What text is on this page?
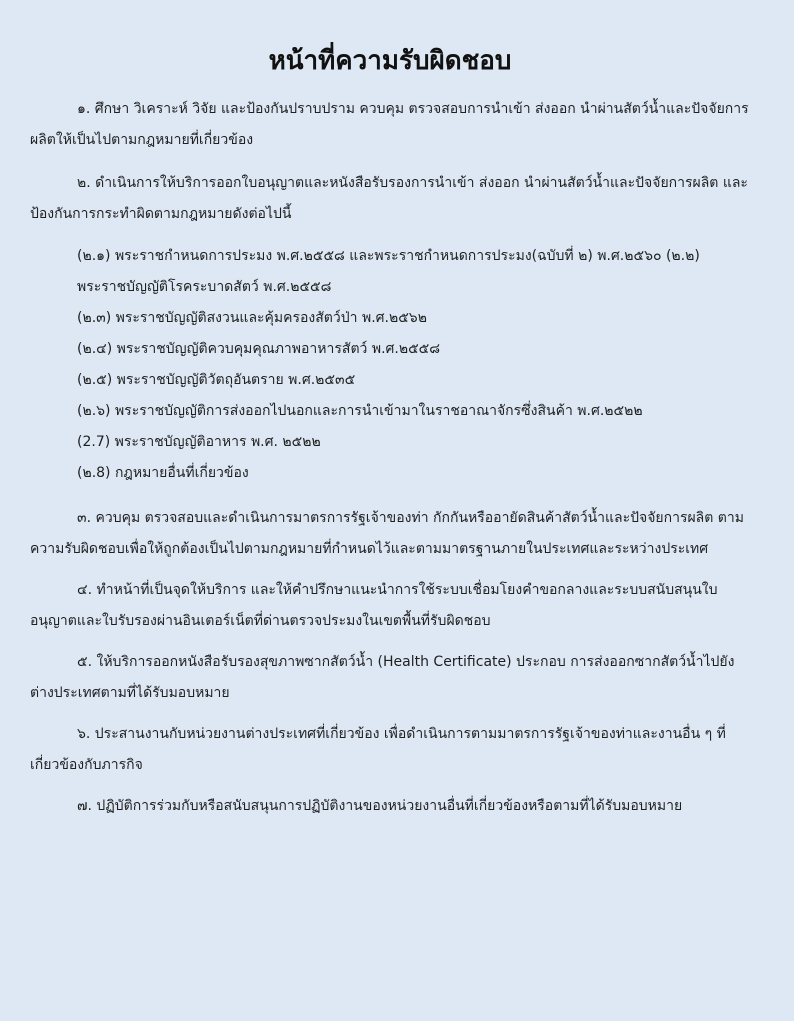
หน้าที่ความรับผิดชอบ

๑. ศึกษา วิเคราะห์ วิจัย และป้องกันปราบปราม ควบคุม ตรวจสอบการนำเข้า ส่งออก นำผ่านสัตว์น้ำและปัจจัยการผลิตให้เป็นไปตามกฎหมายที่เกี่ยวข้อง

๒. ดำเนินการให้บริการออกใบอนุญาตและหนังสือรับรองการนำเข้า ส่งออก นำผ่านสัตว์น้ำและปัจจัยการผลิต และป้องกันการกระทำผิดตามกฎหมายดังต่อไปนี้

(๒.๑) พระราชกำหนดการประมง พ.ศ.๒๕๕๘ และพระราชกำหนดการประมง(ฉบับที่ ๒) พ.ศ.๒๕๖๐ (๒.๒)

พระราชบัญญัติโรคระบาดสัตว์ พ.ศ.๒๕๕๘

(๒.๓) พระราชบัญญัติสงวนและคุ้มครองสัตว์ป่า พ.ศ.๒๕๖๒

(๒.๔) พระราชบัญญัติควบคุมคุณภาพอาหารสัตว์ พ.ศ.๒๕๕๘

(๒.๕) พระราชบัญญัติวัตถุอันตราย พ.ศ.๒๕๓๕

(๒.๖) พระราชบัญญัติการส่งออกไปนอกและการนำเข้ามาในราชอาณาจักรซึ่งสินค้า พ.ศ.๒๕๒๒

(2.7) พระราชบัญญัติอาหาร พ.ศ. ๒๕๒๒

(๒.8) กฎหมายอื่นที่เกี่ยวข้อง

๓. ควบคุม ตรวจสอบและดำเนินการมาตรการรัฐเจ้าของท่า กักกันหรืออายัดสินค้าสัตว์น้ำและปัจจัยการผลิต ตามความรับผิดชอบเพื่อให้ถูกต้องเป็นไปตามกฎหมายที่กำหนดไว้และตามมาตรฐานภายในประเทศและระหว่างประเทศ

๔. ทำหน้าที่เป็นจุดให้บริการ และให้คำปรึกษาแนะนำการใช้ระบบเชื่อมโยงคำขอกลางและระบบสนับสนุนใบอนุญาตและใบรับรองผ่านอินเตอร์เน็ตที่ด่านตรวจประมงในเขตพื้นที่รับผิดชอบ

๕. ให้บริการออกหนังสือรับรองสุขภาพซากสัตว์น้ำ (Health Certificate) ประกอบ การส่งออกซากสัตว์น้ำไปยังต่างประเทศตามที่ได้รับมอบหมาย

๖. ประสานงานกับหน่วยงานต่างประเทศที่เกี่ยวข้อง เพื่อดำเนินการตามมาตรการรัฐเจ้าของท่าและงานอื่น ๆ ที่เกี่ยวข้องกับภารกิจ

๗. ปฏิบัติการร่วมกับหรือสนับสนุนการปฏิบัติงานของหน่วยงานอื่นที่เกี่ยวข้องหรือตามที่ได้รับมอบหมาย
